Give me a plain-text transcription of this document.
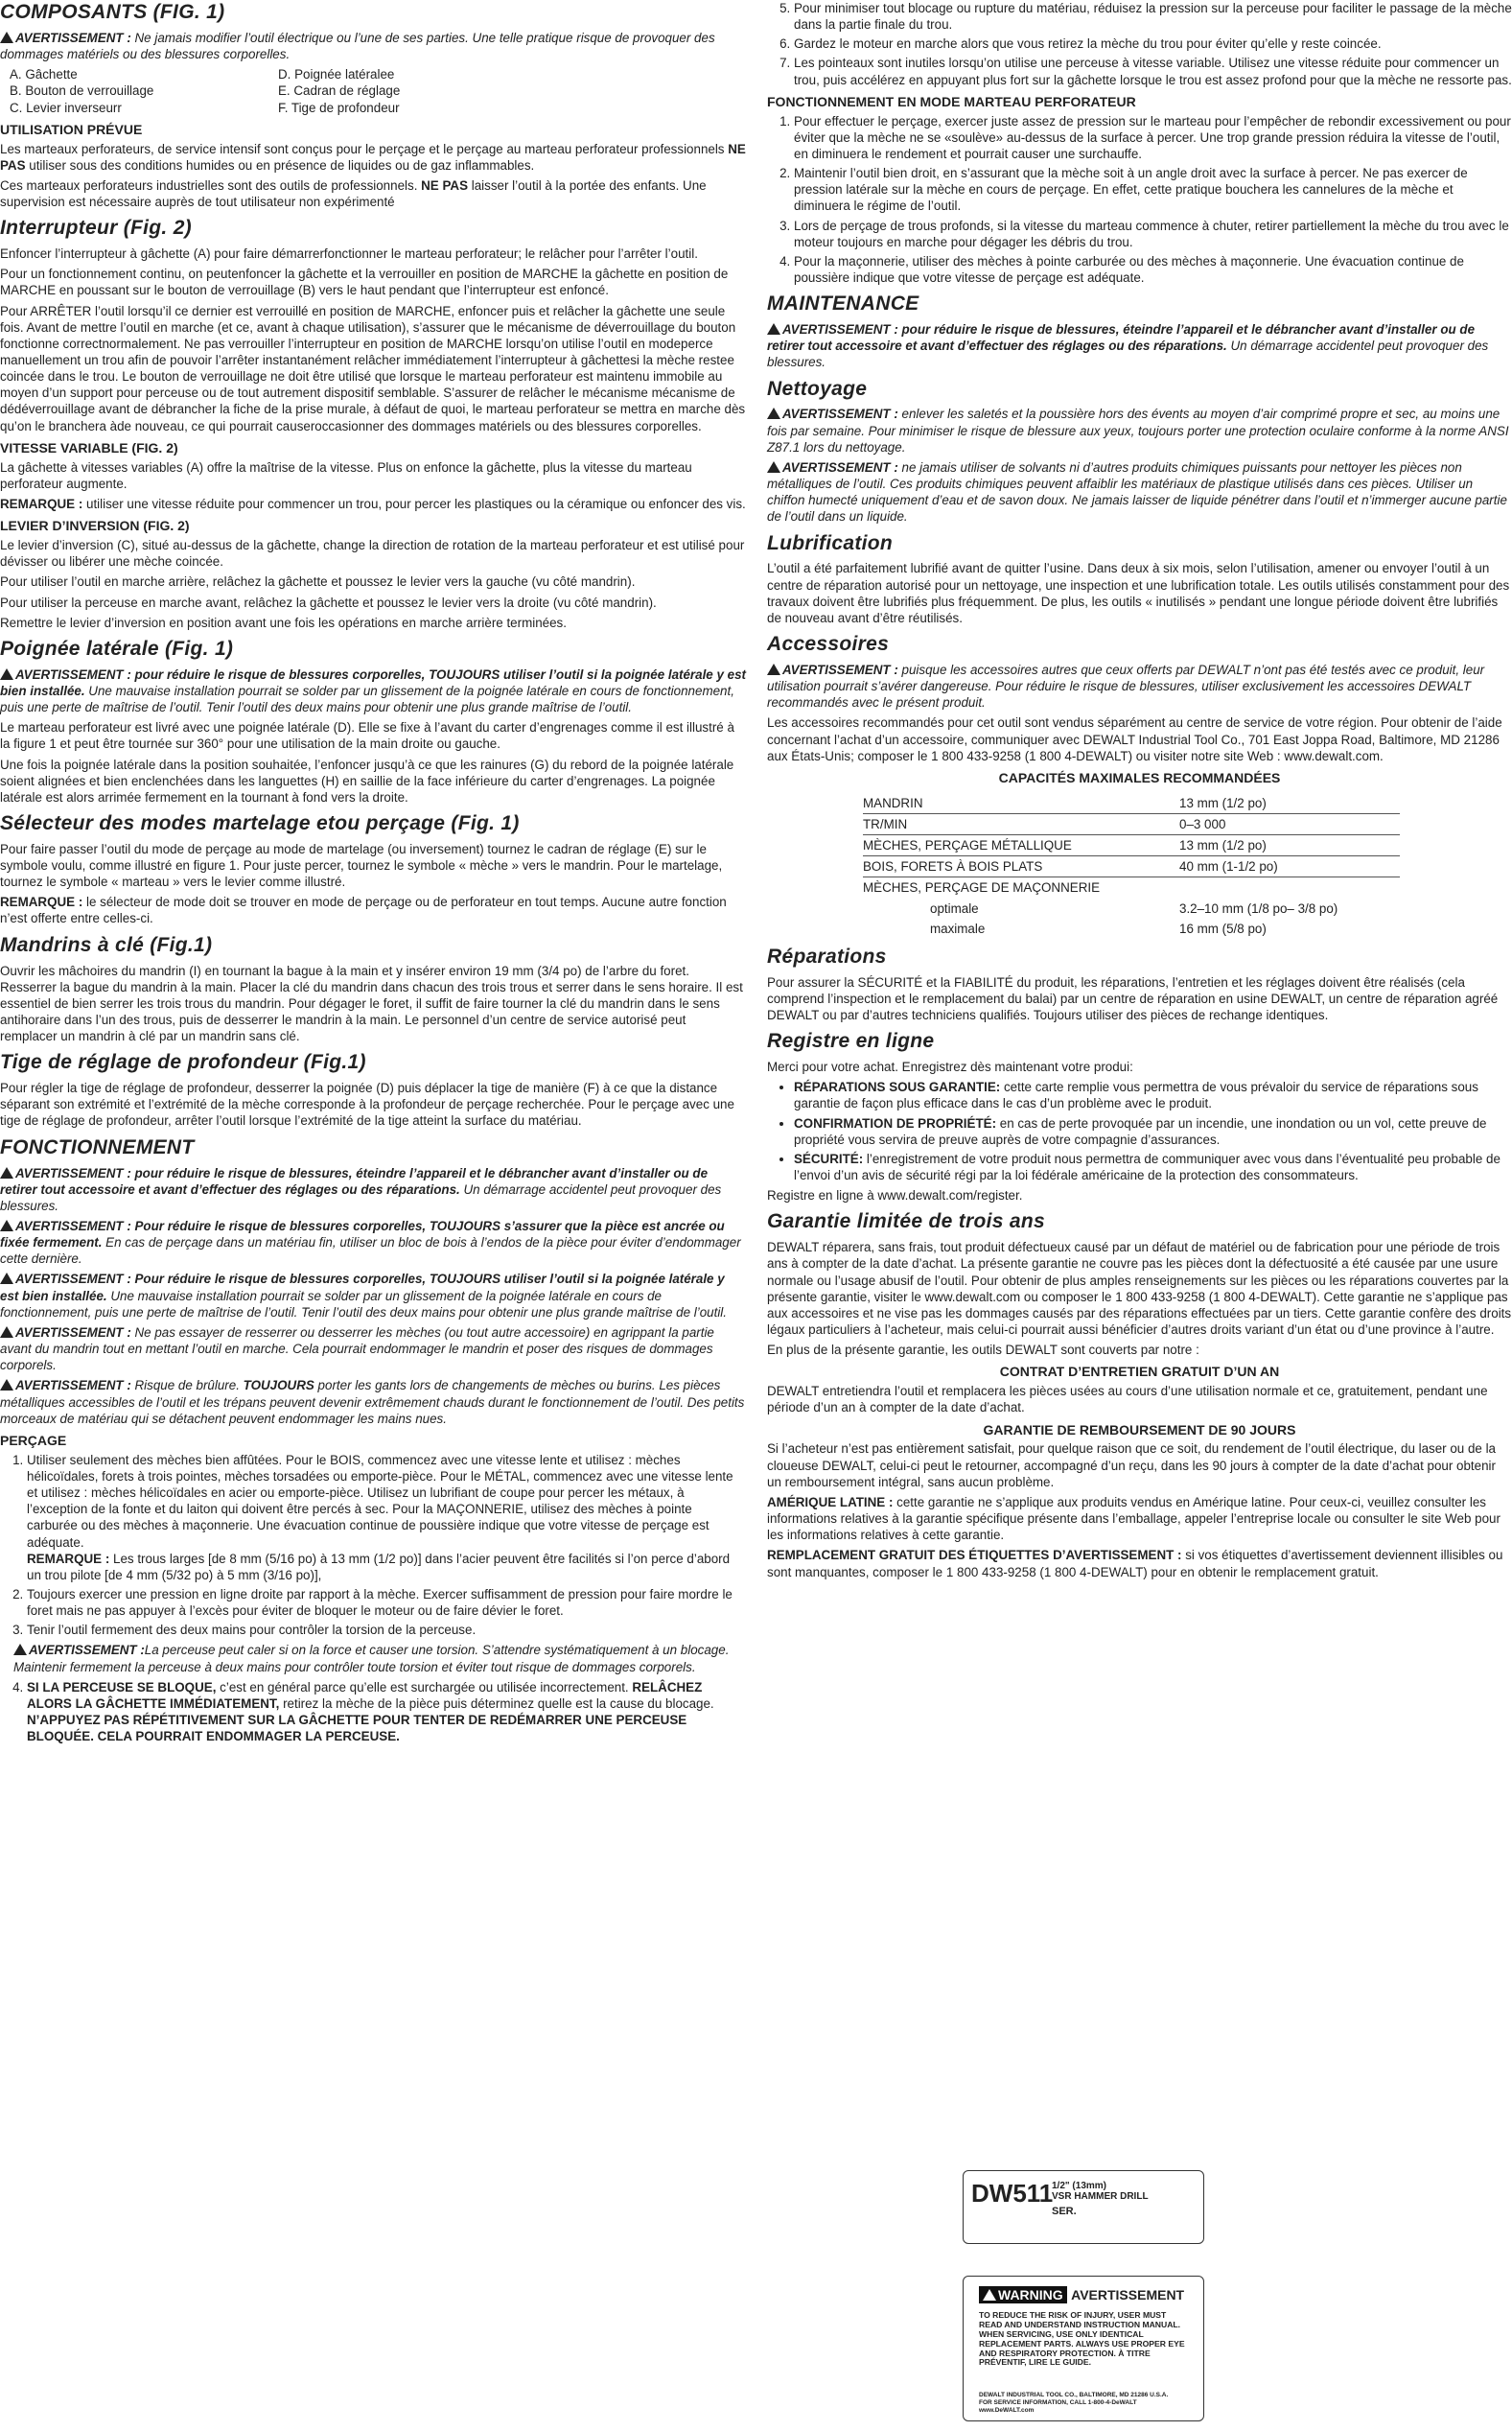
COMPOSANTS (FIG. 1)

AVERTISSEMENT : Ne jamais modifier l’outil électrique ou l’une de ses parties. Une telle pratique risque de provoquer des dommages matériels ou des blessures corporelles.

A. Gâchette	D. Poignée latéralee
B. Bouton de verrouillage	E. Cadran de réglage
C. Levier inverseurr	F. Tige de profondeur
UTILISATION PRÉVUE

Les marteaux perforateurs, de service intensif sont conçus pour le perçage et le perçage au marteau perforateur professionnels NE PAS utiliser sous des conditions humides ou en présence de liquides ou de gaz inflammables.

Ces marteaux perforateurs industrielles sont des outils de professionnels. NE PAS laisser l’outil à la portée des enfants. Une supervision est nécessaire auprès de tout utilisateur non expérimenté

Interrupteur (Fig. 2)

Enfoncer l’interrupteur à gâchette (A) pour faire démarrerfonctionner le marteau perforateur; le relâcher pour l’arrêter l’outil.

Pour un fonctionnement continu, on peutenfoncer la gâchette et la verrouiller en position de MARCHE la gâchette en position de MARCHE en poussant sur le bouton de verrouillage (B) vers le haut pendant que l’interrupteur est enfoncé.

Pour ARRÊTER l’outil lorsqu’il ce dernier est verrouillé en position de MARCHE, enfoncer puis et relâcher la gâchette une seule fois. Avant de mettre l’outil en marche (et ce, avant à chaque utilisation), s’assurer que le mécanisme de déverrouillage du bouton fonctionne correctnormalement. Ne pas verrouiller l’interrupteur en position de MARCHE lorsqu’on utilise l’outil en modeperce manuellement un trou afin de pouvoir l’arrêter instantanément relâcher immédiatement l’interrupteur à gâchettesi la mèche restee coincée dans le trou. Le bouton de verrouillage ne doit être utilisé que lorsque le marteau perforateur est maintenu immobile au moyen d’un support pour perceuse ou de tout autrement dispositif semblable. S’assurer de relâcher le mécanisme mécanisme de dédéverrouillage avant de débrancher la fiche de la prise murale, à défaut de quoi, le marteau perforateur se mettra en marche dès qu’on le branchera àde nouveau, ce qui pourrait causeroccasionner des dommages matériels ou des blessures corporelles.

VITESSE VARIABLE (FIG. 2)

La gâchette à vitesses variables (A) offre la maîtrise de la vitesse. Plus on enfonce la gâchette, plus la vitesse du marteau perforateur augmente.

REMARQUE : utiliser une vitesse réduite pour commencer un trou, pour percer les plastiques ou la céramique ou enfoncer des vis.

LEVIER D’INVERSION (FIG. 2)

Le levier d’inversion (C), situé au-dessus de la gâchette, change la direction de rotation de la marteau perforateur et est utilisé pour dévisser ou libérer une mèche coincée.

Pour utiliser l’outil en marche arrière, relâchez la gâchette et poussez le levier vers la gauche (vu côté mandrin).

Pour utiliser la perceuse en marche avant, relâchez la gâchette et poussez le levier vers la droite (vu côté mandrin).

Remettre le levier d’inversion en position avant une fois les opérations en marche arrière terminées.

Poignée latérale (Fig. 1)

AVERTISSEMENT : pour réduire le risque de blessures corporelles, TOUJOURS utiliser l’outil si la poignée latérale y est bien installée. Une mauvaise installation pourrait se solder par un glissement de la poignée latérale en cours de fonctionnement, puis une perte de maîtrise de l’outil. Tenir l’outil des deux mains pour obtenir une plus grande maîtrise de l’outil.

Le marteau perforateur est livré avec une poignée latérale (D). Elle se fixe à l’avant du carter d’engrenages comme il est illustré à la figure 1 et peut être tournée sur 360° pour une utilisation de la main droite ou gauche.

Une fois la poignée latérale dans la position souhaitée, l’enfoncer jusqu’à ce que les rainures (G) du rebord de la poignée latérale soient alignées et bien enclenchées dans les languettes (H) en saillie de la face inférieure du carter d’engrenages. La poignée latérale est alors arrimée fermement en la tournant à fond vers la droite.

Sélecteur des modes martelage etou perçage (Fig. 1)

Pour faire passer l’outil du mode de perçage au mode de martelage (ou inversement) tournez le cadran de réglage (E) sur le symbole voulu, comme illustré en figure 1. Pour juste percer, tournez le symbole « mèche » vers le mandrin. Pour le martelage, tournez le symbole « marteau » vers le levier comme illustré.

REMARQUE : le sélecteur de mode doit se trouver en mode de perçage ou de perforateur en tout temps. Aucune autre fonction n’est offerte entre celles-ci.

Mandrins à clé (Fig.1)

Ouvrir les mâchoires du mandrin (I) en tournant la bague à la main et y insérer environ 19 mm (3/4 po) de l’arbre du foret. Resserrer la bague du mandrin à la main. Placer la clé du mandrin dans chacun des trois trous et serrer dans le sens horaire. Il est essentiel de bien serrer les trois trous du mandrin. Pour dégager le foret, il suffit de faire tourner la clé du mandrin dans le sens antihoraire dans l’un des trous, puis de desserrer le mandrin à la main. Le personnel d’un centre de service autorisé peut remplacer un mandrin à clé par un mandrin sans clé.

Tige de réglage de profondeur (Fig.1)

Pour régler la tige de réglage de profondeur, desserrer la poignée (D) puis déplacer la tige de manière (F) à ce que la distance séparant son extrémité et l’extrémité de la mèche corresponde à la profondeur de perçage recherchée. Pour le perçage avec une tige de réglage de profondeur, arrêter l’outil lorsque l’extrémité de la tige atteint la surface du matériau.

FONCTIONNEMENT

AVERTISSEMENT : pour réduire le risque de blessures, éteindre l’appareil et le débrancher avant d’installer ou de retirer tout accessoire et avant d’effectuer des réglages ou des réparations. Un démarrage accidentel peut provoquer des blessures.

AVERTISSEMENT : Pour réduire le risque de blessures corporelles, TOUJOURS s’assurer que la pièce est ancrée ou fixée fermement. En cas de perçage dans un matériau fin, utiliser un bloc de bois à l’endos de la pièce pour éviter d’endommager cette dernière.

AVERTISSEMENT : Pour réduire le risque de blessures corporelles, TOUJOURS utiliser l’outil si la poignée latérale y est bien installée. Une mauvaise installation pourrait se solder par un glissement de la poignée latérale en cours de fonctionnement, puis une perte de maîtrise de l’outil. Tenir l’outil des deux mains pour obtenir une plus grande maîtrise de l’outil.

AVERTISSEMENT : Ne pas essayer de resserrer ou desserrer les mèches (ou tout autre accessoire) en agrippant la partie avant du mandrin tout en mettant l’outil en marche. Cela pourrait endommager le mandrin et poser des risques de dommages corporels.

AVERTISSEMENT : Risque de brûlure. TOUJOURS porter les gants lors de changements de mèches ou burins. Les pièces métalliques accessibles de l’outil et les trépans peuvent devenir extrêmement chauds durant le fonctionnement de l’outil. Des petits morceaux de matériau qui se détachent peuvent endommager les mains nues.

PERÇAGE
1. Utiliser seulement des mèches bien affûtées. Pour le BOIS, commencez avec une vitesse lente et utilisez : mèches hélicoïdales, forets à trois pointes, mèches torsadées ou emporte-pièce. Pour le MÉTAL, commencez avec une vitesse lente et utilisez : mèches hélicoïdales en acier ou emporte-pièce. Utilisez un lubrifiant de coupe pour percer les métaux, à l’exception de la fonte et du laiton qui doivent être percés à sec. Pour la MAÇONNERIE, utilisez des mèches à pointe carburée ou des mèches à maçonnerie. Une évacuation continue de poussière indique que votre vitesse de perçage est adéquate.
REMARQUE : Les trous larges [de 8 mm (5/16 po) à 13 mm (1/2 po)] dans l’acier peuvent être facilités si l’on perce d’abord un trou pilote [de 4 mm (5/32 po) à 5 mm (3/16 po)],
2. Toujours exercer une pression en ligne droite par rapport à la mèche. Exercer suffisamment de pression pour faire mordre le foret mais ne pas appuyer à l’excès pour éviter de bloquer le moteur ou de faire dévier le foret.
3. Tenir l’outil fermement des deux mains pour contrôler la torsion de la perceuse.

AVERTISSEMENT :La perceuse peut caler si on la force et causer une torsion. S’attendre systématiquement à un blocage. Maintenir fermement la perceuse à deux mains pour contrôler toute torsion et éviter tout risque de dommages corporels.

4. SI LA PERCEUSE SE BLOQUE, c’est en général parce qu’elle est surchargée ou utilisée incorrectement. RELÂCHEZ ALORS LA GÂCHETTE IMMÉDIATEMENT, retirez la mèche de la pièce puis déterminez quelle est la cause du blocage. N’APPUYEZ PAS RÉPÉTITIVEMENT SUR LA GÂCHETTE POUR TENTER DE REDÉMARRER UNE PERCEUSE BLOQUÉE. CELA POURRAIT ENDOMMAGER LA PERCEUSE.
5. Pour minimiser tout blocage ou rupture du matériau, réduisez la pression sur la perceuse pour faciliter le passage de la mèche dans la partie finale du trou.
6. Gardez le moteur en marche alors que vous retirez la mèche du trou pour éviter qu’elle y reste coincée.
7. Les pointeaux sont inutiles lorsqu’on utilise une perceuse à vitesse variable. Utilisez une vitesse réduite pour commencer un trou, puis accélérez en appuyant plus fort sur la gâchette lorsque le trou est assez profond pour que la mèche ne ressorte pas.
FONCTIONNEMENT EN MODE MARTEAU PERFORATEUR
1. Pour effectuer le perçage, exercer juste assez de pression sur le marteau pour l’empêcher de rebondir excessivement ou pour éviter que la mèche ne se «soulève» au-dessus de la surface à percer. Une trop grande pression réduira la vitesse de l’outil, en diminuera le rendement et pourrait causer une surchauffe.
2. Maintenir l’outil bien droit, en s’assurant que la mèche soit à un angle droit avec la surface à percer. Ne pas exercer de pression latérale sur la mèche en cours de perçage. En effet, cette pratique bouchera les cannelures de la mèche et diminuera le régime de l’outil.
3. Lors de perçage de trous profonds, si la vitesse du marteau commence à chuter, retirer partiellement la mèche du trou avec le moteur toujours en marche pour dégager les débris du trou.
4. Pour la maçonnerie, utiliser des mèches à pointe carburée ou des mèches à maçonnerie. Une évacuation continue de poussière indique que votre vitesse de perçage est adéquate.
MAINTENANCE

AVERTISSEMENT : pour réduire le risque de blessures, éteindre l’appareil et le débrancher avant d’installer ou de retirer tout accessoire et avant d’effectuer des réglages ou des réparations. Un démarrage accidentel peut provoquer des blessures.

Nettoyage

AVERTISSEMENT : enlever les saletés et la poussière hors des évents au moyen d’air comprimé propre et sec, au moins une fois par semaine. Pour minimiser le risque de blessure aux yeux, toujours porter une protection oculaire conforme à la norme ANSI Z87.1 lors du nettoyage.

AVERTISSEMENT : ne jamais utiliser de solvants ni d’autres produits chimiques puissants pour nettoyer les pièces non métalliques de l’outil. Ces produits chimiques peuvent affaiblir les matériaux de plastique utilisés dans ces pièces. Utiliser un chiffon humecté uniquement d’eau et de savon doux. Ne jamais laisser de liquide pénétrer dans l’outil et n’immerger aucune partie de l’outil dans un liquide.

Lubrification

L’outil a été parfaitement lubrifié avant de quitter l’usine. Dans deux à six mois, selon l’utilisation, amener ou envoyer l’outil à un centre de réparation autorisé pour un nettoyage, une inspection et une lubrification totale. Les outils utilisés constamment pour des travaux doivent être lubrifiés plus fréquemment. De plus, les outils « inutilisés » pendant une longue période doivent être lubrifiés de nouveau avant d’être réutilisés.

Accessoires

AVERTISSEMENT : puisque les accessoires autres que ceux offerts par DEWALT n’ont pas été testés avec ce produit, leur utilisation pourrait s’avérer dangereuse. Pour réduire le risque de blessures, utiliser exclusivement les accessoires DEWALT recommandés avec le présent produit.

Les accessoires recommandés pour cet outil sont vendus séparément au centre de service de votre région. Pour obtenir de l’aide concernant l’achat d’un accessoire, communiquer avec DEWALT Industrial Tool Co., 701 East Joppa Road, Baltimore, MD 21286 aux États-Unis; composer le 1 800 433-9258 (1 800 4-DEWALT) ou visiter notre site Web : www.dewalt.com.

CAPACITÉS MAXIMALES RECOMMANDÉES
MANDRIN	13 mm (1/2 po)
TR/MIN	0–3 000
MÈCHES, PERÇAGE MÉTALLIQUE	13 mm (1/2 po)
BOIS, FORETS À BOIS PLATS	40 mm (1-1/2 po)
MÈCHES, PERÇAGE DE MAÇONNERIE	
optimale	3.2–10 mm (1/8 po– 3/8 po)
maximale	16 mm (5/8 po)
Réparations

Pour assurer la SÉCURITÉ et la FIABILITÉ du produit, les réparations, l’entretien et les réglages doivent être réalisés (cela comprend l’inspection et le remplacement du balai) par un centre de réparation en usine DEWALT, un centre de réparation agréé DEWALT ou par d’autres techniciens qualifiés. Toujours utiliser des pièces de rechange identiques.

Registre en ligne

Merci pour votre achat. Enregistrez dès maintenant votre produi:

• RÉPARATIONS SOUS GARANTIE: cette carte remplie vous permettra de vous prévaloir du service de réparations sous garantie de façon plus efficace dans le cas d’un problème avec le produit.
• CONFIRMATION DE PROPRIÉTÉ: en cas de perte provoquée par un incendie, une inondation ou un vol, cette preuve de propriété vous servira de preuve auprès de votre compagnie d’assurances.
• SÉCURITÉ: l’enregistrement de votre produit nous permettra de communiquer avec vous dans l’éventualité peu probable de l’envoi d’un avis de sécurité régi par la loi fédérale américaine de la protection des consommateurs.

Registre en ligne à www.dewalt.com/register.

Garantie limitée de trois ans

DEWALT réparera, sans frais, tout produit défectueux causé par un défaut de matériel ou de fabrication pour une période de trois ans à compter de la date d’achat. La présente garantie ne couvre pas les pièces dont la défectuosité a été causée par une usure normale ou l’usage abusif de l’outil. Pour obtenir de plus amples renseignements sur les pièces ou les réparations couvertes par la présente garantie, visiter le www.dewalt.com ou composer le 1 800 433-9258 (1 800 4-DEWALT). Cette garantie ne s’applique pas aux accessoires et ne vise pas les dommages causés par des réparations effectuées par un tiers. Cette garantie confère des droits légaux particuliers à l’acheteur, mais celui-ci pourrait aussi bénéficier d’autres droits variant d’un état ou d’une province à l’autre.

En plus de la présente garantie, les outils DEWALT sont couverts par notre :

CONTRAT D’ENTRETIEN GRATUIT D’UN AN

DEWALT entretiendra l’outil et remplacera les pièces usées au cours d’une utilisation normale et ce, gratuitement, pendant une période d’un an à compter de la date d’achat.

GARANTIE DE REMBOURSEMENT DE 90 JOURS

Si l’acheteur n’est pas entièrement satisfait, pour quelque raison que ce soit, du rendement de l’outil électrique, du laser ou de la cloueuse DEWALT, celui-ci peut le retourner, accompagné d’un reçu, dans les 90 jours à compter de la date d’achat pour obtenir un remboursement intégral, sans aucun problème.

AMÉRIQUE LATINE : cette garantie ne s’applique aux produits vendus en Amérique latine. Pour ceux-ci, veuillez consulter les informations relatives à la garantie spécifique présente dans l’emballage, appeler l’entreprise locale ou consulter le site Web pour les informations relatives à cette garantie.

REMPLACEMENT GRATUIT DES ÉTIQUETTES D’AVERTISSEMENT : si vos étiquettes d’avertissement deviennent illisibles ou sont manquantes, composer le 1 800 433-9258 (1 800 4-DEWALT) pour en obtenir le remplacement gratuit.

DW511
1/2" (13mm)
VSR HAMMER DRILL
SER.
WARNING AVERTISSEMENT
TO REDUCE THE RISK OF INJURY, USER MUST READ AND UNDERSTAND INSTRUCTION MANUAL. WHEN SERVICING, USE ONLY IDENTICAL REPLACEMENT PARTS. ALWAYS USE PROPER EYE AND RESPIRATORY PROTECTION. À TITRE PRÉVENTIF, LIRE LE GUIDE.
DEWALT INDUSTRIAL TOOL CO., BALTIMORE, MD 21286 U.S.A.
FOR SERVICE INFORMATION, CALL 1-800-4-DeWALT www.DeWALT.com
